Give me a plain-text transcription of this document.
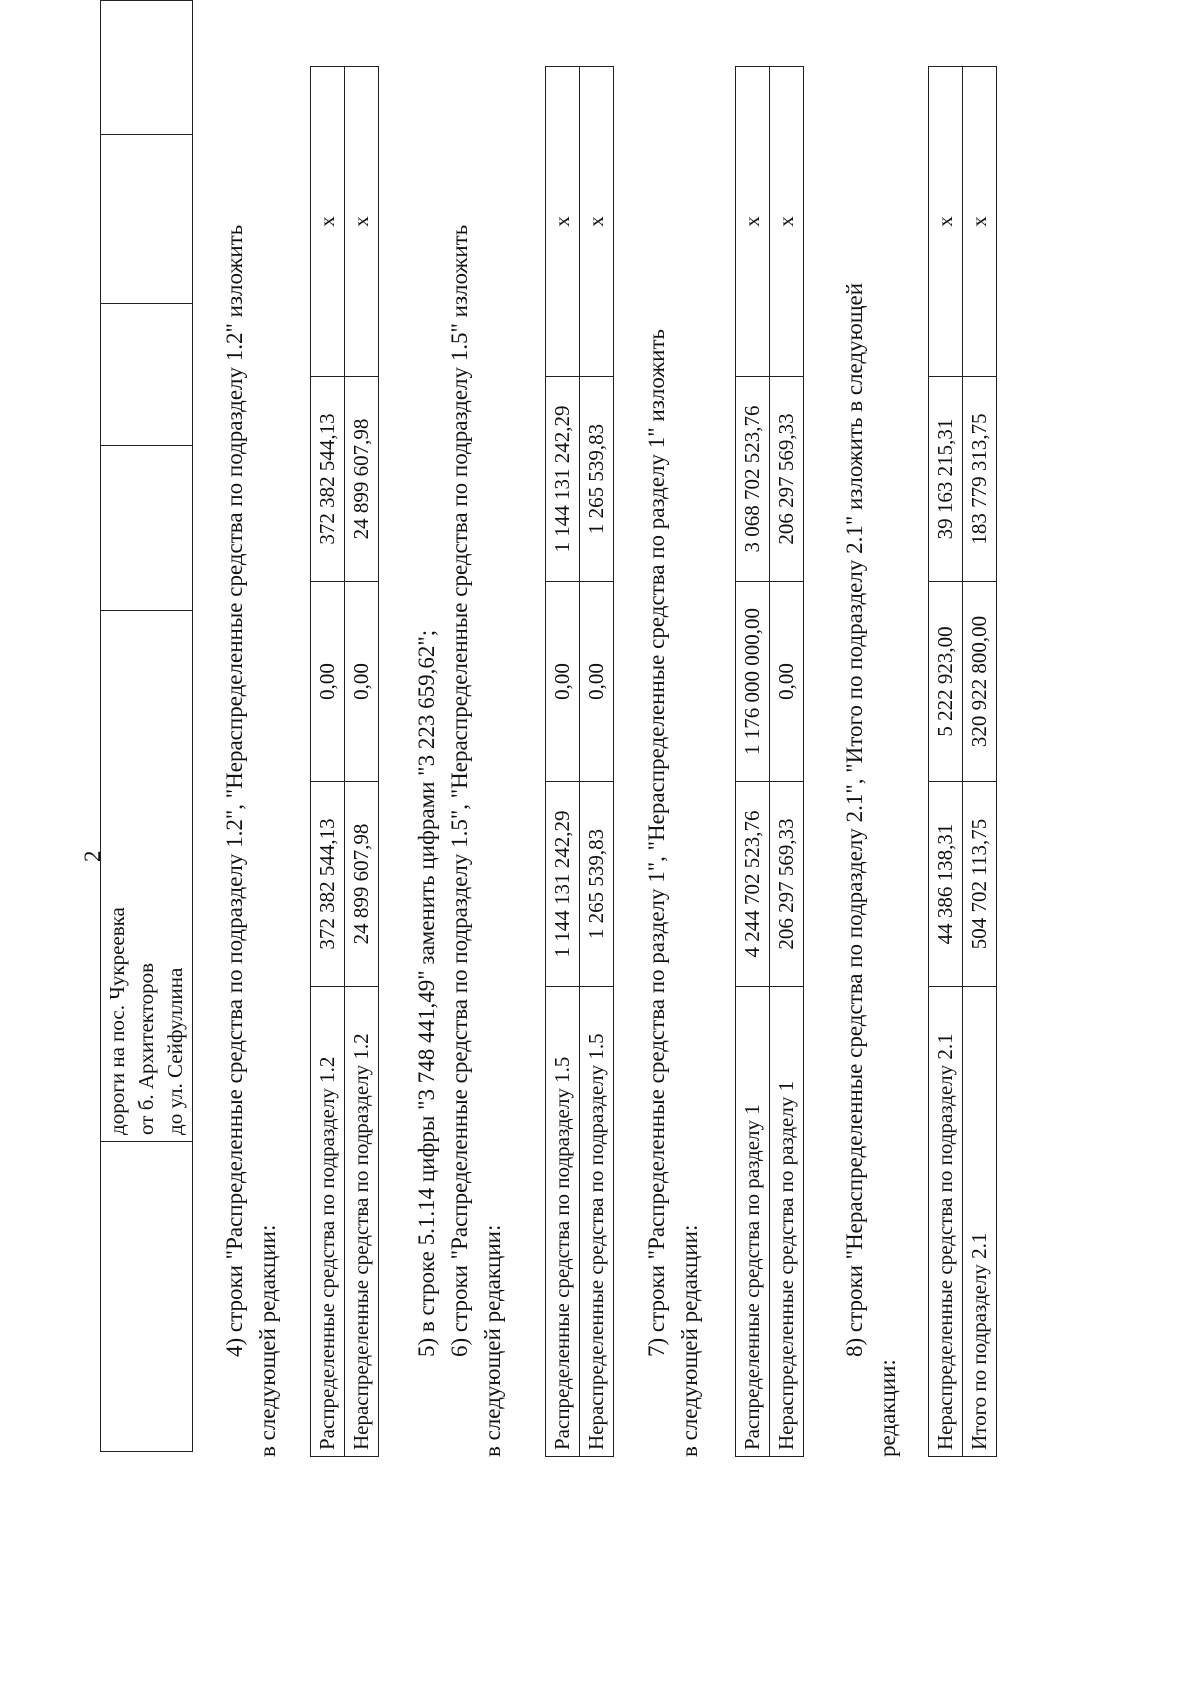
2

дороги на пос. Чукреевка от б. Архитекторов до ул. Сейфуллина
				4) строки "Распределенные средства по подразделу 1.2", "Нераспределенные средства по подразделу 1.2" изложить в следующей редакции: Распределенные средства по подразделу 1.2	372 382 544,13	0,00	372 382 544,13	х
Нераспределенные средства по подразделу 1.2	24 899 607,98	0,00	24 899 607,98	х
5) в строке 5.1.14 цифры "3 748 441,49" заменить цифрами "3 223 659,62"; 6) строки "Распределенные средства по подразделу 1.5", "Нераспределенные средства по подразделу 1.5" изложить в следующей редакции: Распределенные средства по подразделу 1.5	1 144 131 242,29	0,00	1 144 131 242,29	х
Нераспределенные средства по подразделу 1.5	1 265 539,83	0,00	1 265 539,83	х
7) строки "Распределенные средства по разделу 1", "Нераспределенные средства по разделу 1" изложить в следующей редакции: Распределенные средства по разделу 1	4 244 702 523,76	1 176 000 000,00	3 068 702 523,76	х
Нераспределенные средства по разделу 1	206 297 569,33	0,00	206 297 569,33	х
8) строки "Нераспределенные средства по подразделу 2.1", "Итого по подразделу 2.1" изложить в следующей
редакции: Нераспределенные средства по подразделу 2.1	44 386 138,31	5 222 923,00	39 163 215,31	х
Итого по подразделу 2.1	504 702 113,75	320 922 800,00	183 779 313,75	х
